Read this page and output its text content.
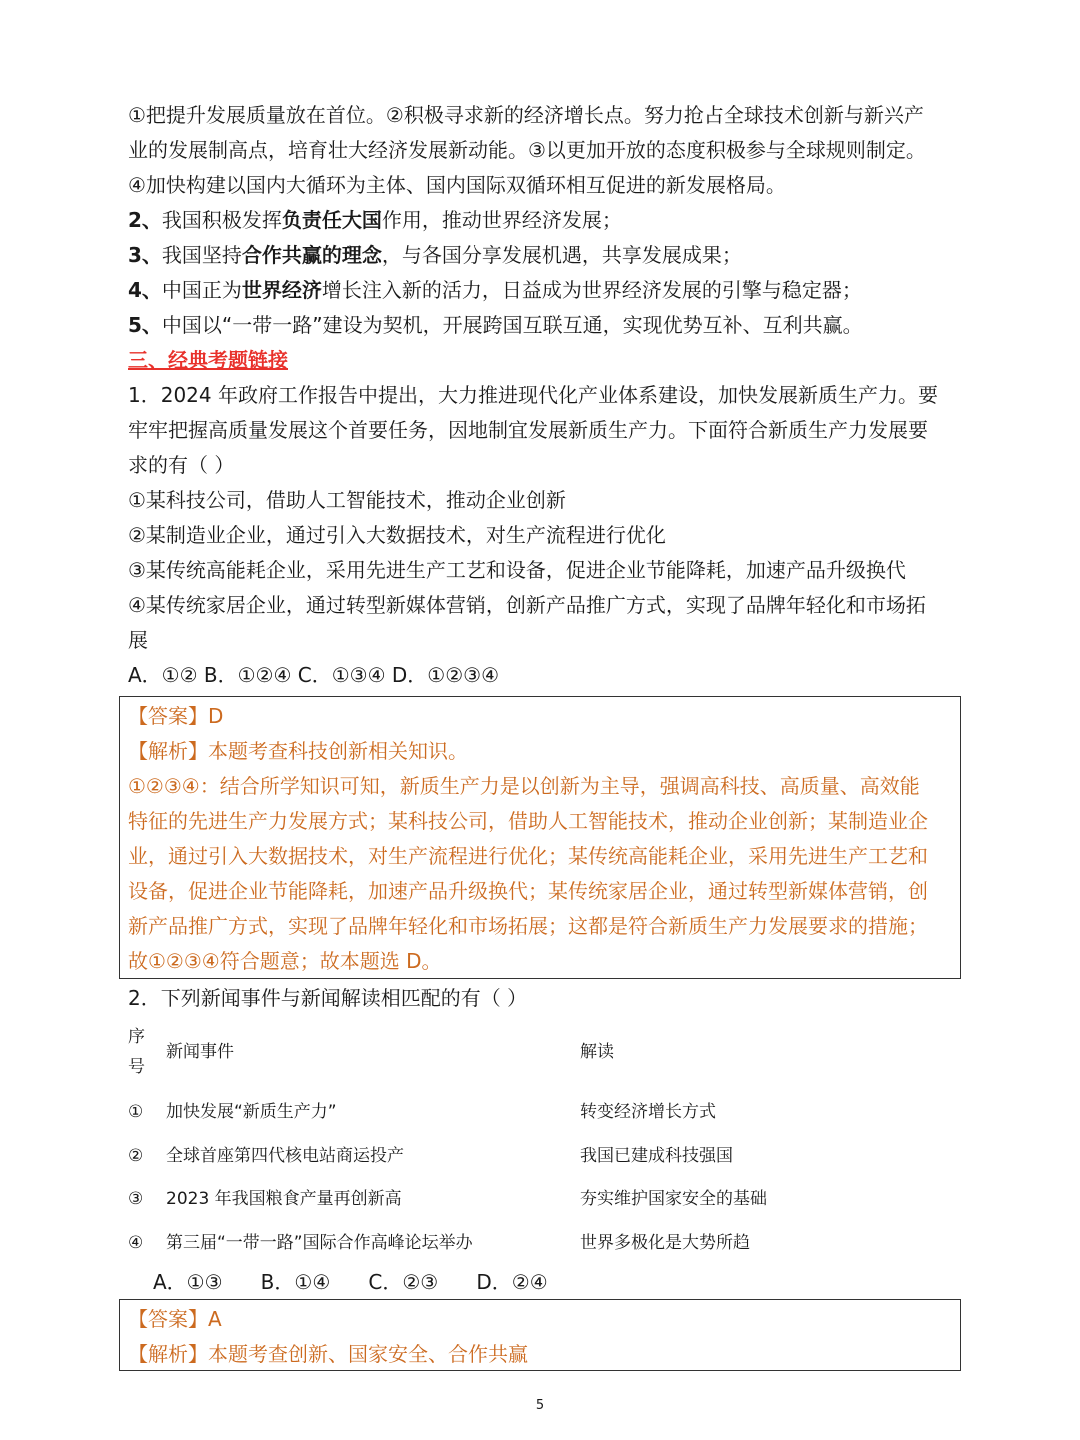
①把提升发展质量放在首位。②积极寻求新的经济增长点。努力抢占全球技术创新与新兴产
业的发展制高点，培育壮大经济发展新动能。③以更加开放的态度积极参与全球规则制定。
④加快构建以国内大循环为主体、国内国际双循环相互促进的新发展格局。
2、我国积极发挥负责任大国作用，推动世界经济发展；
3、我国坚持合作共赢的理念，与各国分享发展机遇，共享发展成果；
4、中国正为世界经济增长注入新的活力，日益成为世界经济发展的引擎与稳定器；
5、中国以“一带一路”建设为契机，开展跨国互联互通，实现优势互补、互利共赢。
三、经典考题链接
1．2024 年政府工作报告中提出，大力推进现代化产业体系建设，加快发展新质生产力。要
牢牢把握高质量发展这个首要任务，因地制宜发展新质生产力。下面符合新质生产力发展要
求的有（ ）
①某科技公司，借助人工智能技术，推动企业创新
②某制造业企业，通过引入大数据技术，对生产流程进行优化
③某传统高能耗企业，采用先进生产工艺和设备，促进企业节能降耗，加速产品升级换代
④某传统家居企业，通过转型新媒体营销，创新产品推广方式，实现了品牌年轻化和市场拓
展
A．①② B．①②④ C．①③④ D．①②③④
【答案】D
【解析】本题考查科技创新相关知识。
①②③④：结合所学知识可知，新质生产力是以创新为主导，强调高科技、高质量、高效能
特征的先进生产力发展方式；某科技公司，借助人工智能技术，推动企业创新；某制造业企
业，通过引入大数据技术，对生产流程进行优化；某传统高能耗企业，采用先进生产工艺和
设备，促进企业节能降耗，加速产品升级换代；某传统家居企业，通过转型新媒体营销，创
新产品推广方式，实现了品牌年轻化和市场拓展；这都是符合新质生产力发展要求的措施；
故①②③④符合题意；故本题选 D。
2．下列新闻事件与新闻解读相匹配的有（ ）
序
号
新闻事件	解读
①	加快发展“新质生产力”	转变经济增长方式
②	全球首座第四代核电站商运投产	我国已建成科技强国
③	2023 年我国粮食产量再创新高	夯实维护国家安全的基础
④	第三届“一带一路”国际合作高峰论坛举办	世界多极化是大势所趋
A．①③      B．①④      C．②③      D．②④
【答案】A
【解析】本题考查创新、国家安全、合作共赢
5
